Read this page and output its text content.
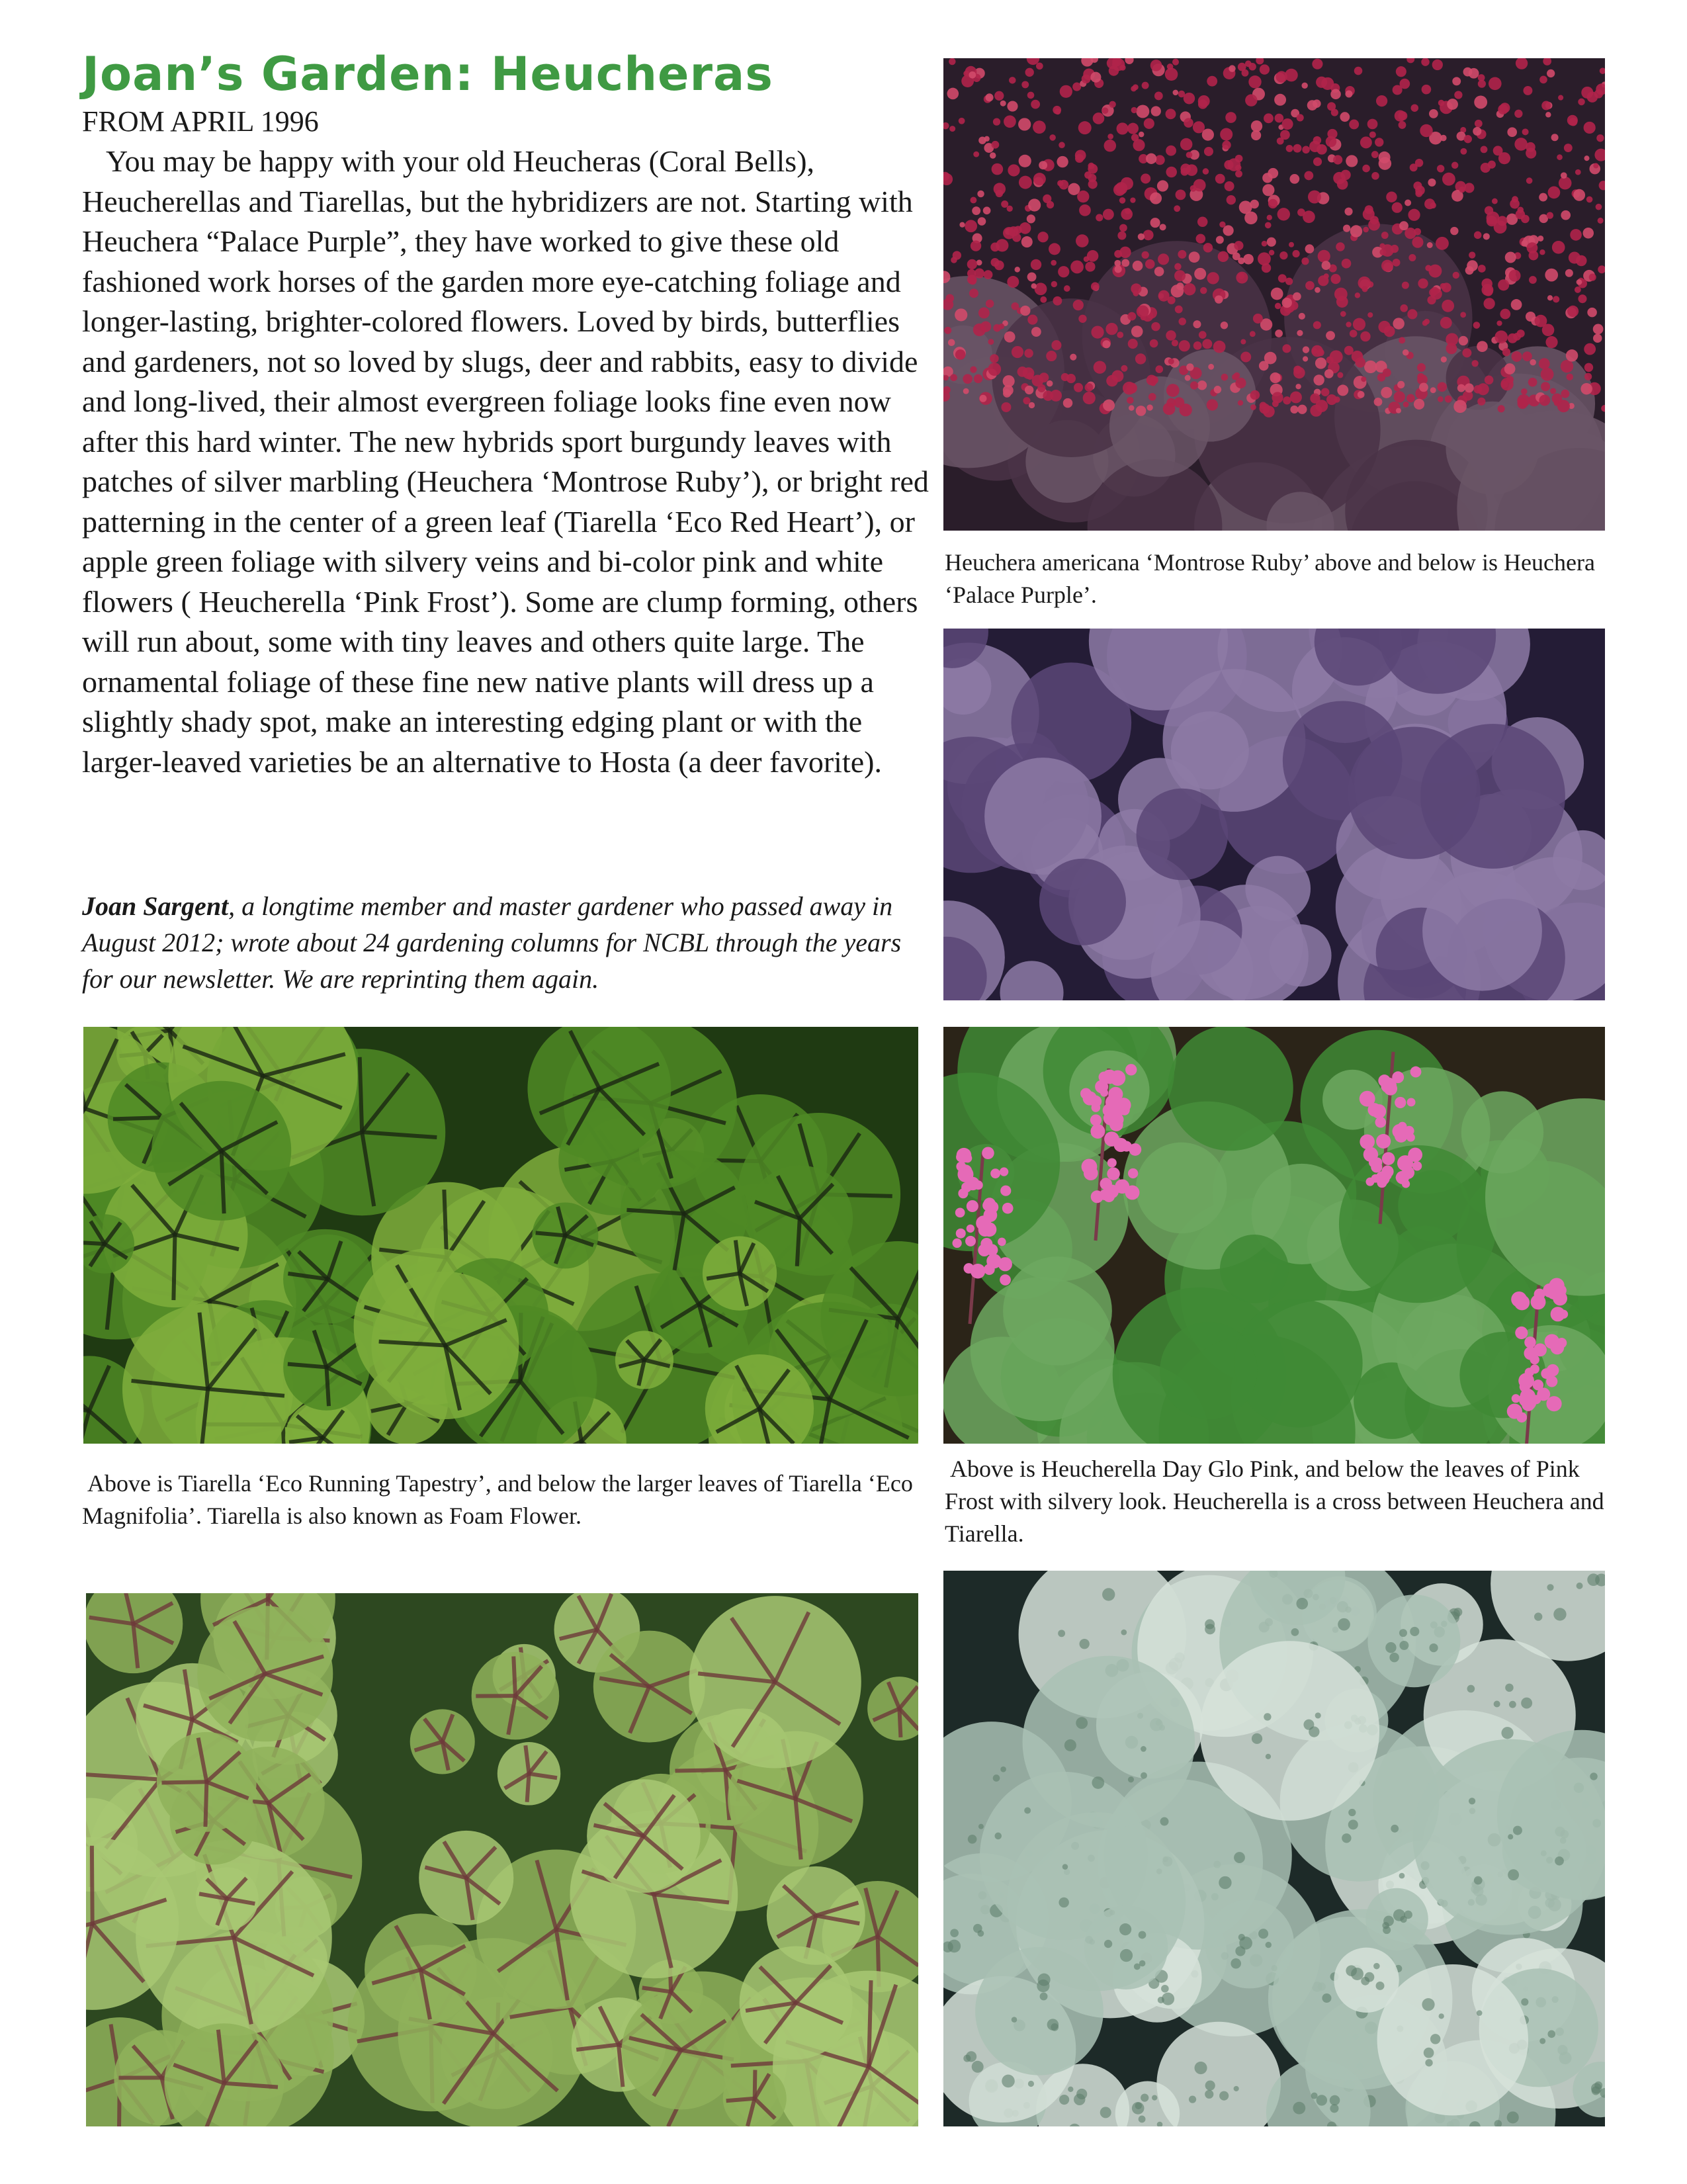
Joan’s Garden: Heucheras
FROM APRIL 1996

You may be happy with your old Heucheras (Coral Bells), Heucherellas and Tiarellas, but the hybridizers are not. Starting with Heuchera “Palace Purple”, they have worked to give these old fashioned work horses of the garden more eye-catching foliage and longer-lasting, brighter-colored flowers. Loved by birds, butterflies and gardeners, not so loved by slugs, deer and rabbits, easy to divide and long-lived, their almost evergreen foliage looks fine even now after this hard winter. The new hybrids sport burgundy leaves with patches of silver marbling (Heuchera ‘Montrose Ruby’), or bright red patterning in the center of a green leaf (Tiarella ‘Eco Red Heart’), or apple green foliage with silvery veins and bi-color pink and white flowers ( Heucherella ‘Pink Frost’). Some are clump forming, others will run about, some with tiny leaves and others quite large. The ornamental foliage of these fine new native plants will dress up a slightly shady spot, make an interesting edging plant or with the larger-leaved varieties be an alternative to Hosta (a deer favorite).

Joan Sargent, a longtime member and master gardener who passed away in August 2012; wrote about 24 gardening columns for NCBL through the years for our newsletter. We are reprinting them again.

Heuchera americana ‘Montrose Ruby’ above and below is Heuchera ‘Palace Purple’.

Above is Tiarella ‘Eco Running Tapestry’, and below the larger leaves of Tiarella ‘Eco Magnifolia’. Tiarella is also known as Foam Flower.

Above is Heucherella Day Glo Pink, and below the leaves of Pink Frost with silvery look. Heucherella is a cross between Heuchera and Tiarella.
